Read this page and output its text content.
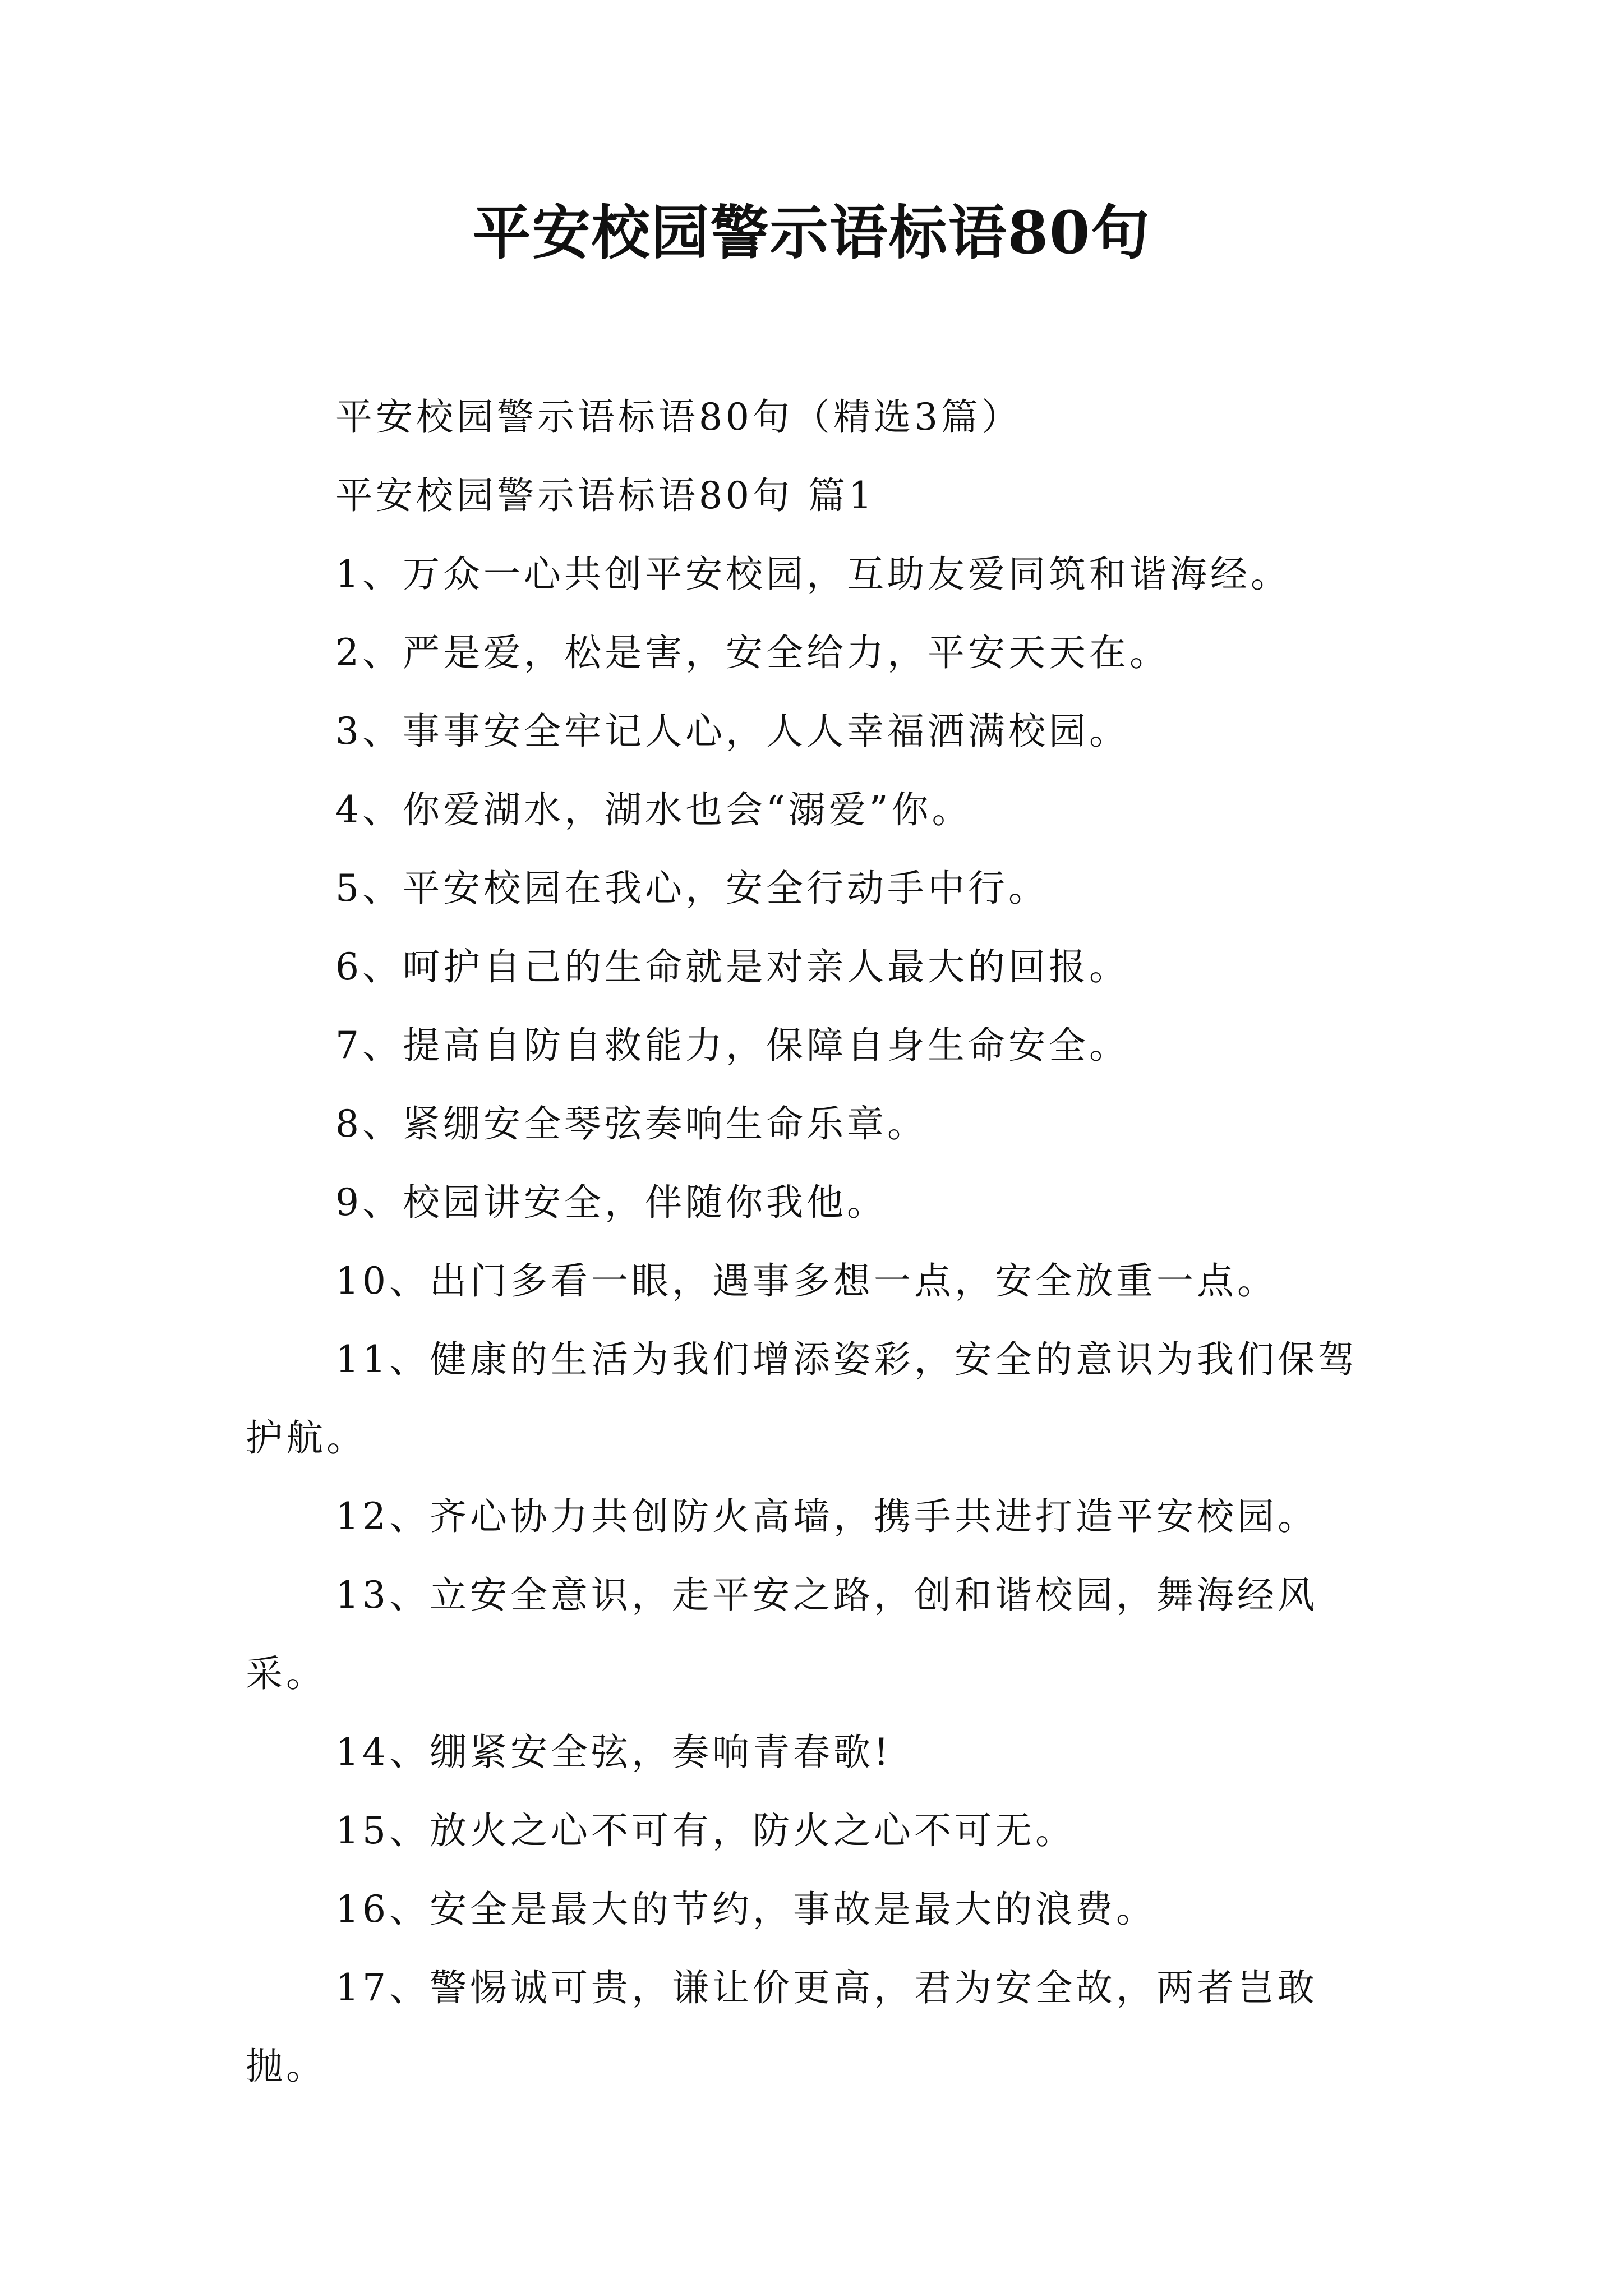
平安校园警示语标语80句

平安校园警示语标语80句（精选3篇）

平安校园警示语标语80句 篇1

1、万众一心共创平安校园，互助友爱同筑和谐海经。

2、严是爱，松是害，安全给力，平安天天在。

3、事事安全牢记人心，人人幸福洒满校园。

4、你爱湖水，湖水也会“溺爱”你。

5、平安校园在我心，安全行动手中行。

6、呵护自己的生命就是对亲人最大的回报。

7、提高自防自救能力，保障自身生命安全。

8、紧绷安全琴弦奏响生命乐章。

9、校园讲安全，伴随你我他。

10、出门多看一眼，遇事多想一点，安全放重一点。

11、健康的生活为我们增添姿彩，安全的意识为我们保驾护航。

12、齐心协力共创防火高墙，携手共进打造平安校园。

13、立安全意识，走平安之路，创和谐校园，舞海经风采。

14、绷紧安全弦，奏响青春歌!

15、放火之心不可有，防火之心不可无。

16、安全是最大的节约，事故是最大的浪费。

17、警惕诚可贵，谦让价更高，君为安全故，两者岂敢抛。
